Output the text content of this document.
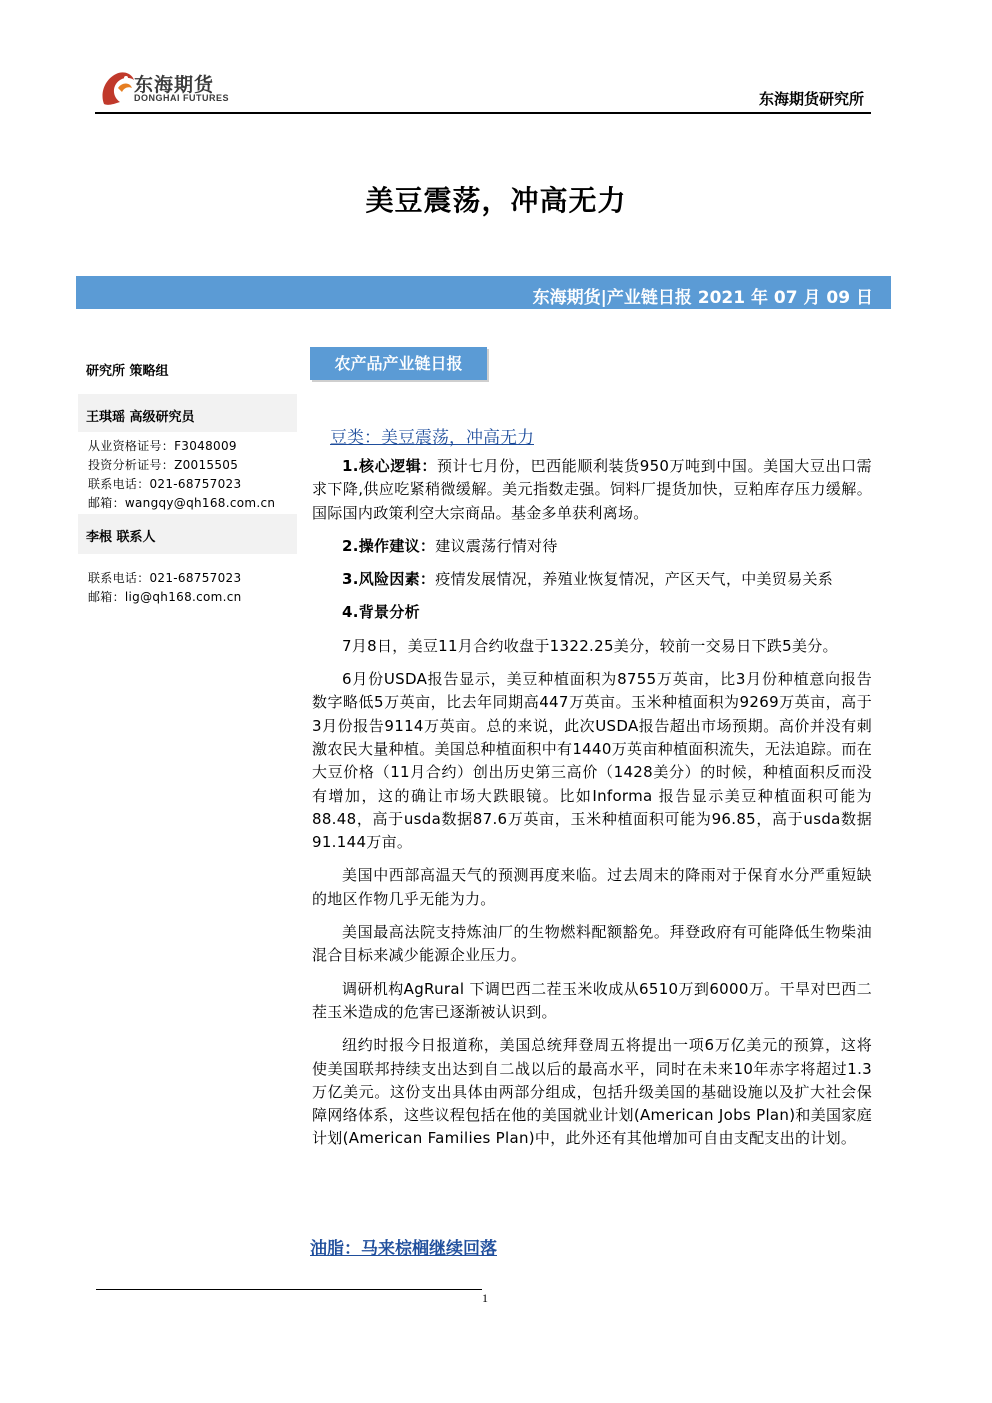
东海期货
DONGHAI FUTURES	东海期货研究所
美豆震荡，冲高无力
东海期货|产业链日报 2021 年 07 月 09 日
研究所 策略组
王琪瑶 高级研究员
从业资格证号：F3048009
投资分析证号：Z0015505
联系电话：021-68757023
邮箱：wangqy@qh168.com.cn
李根 联系人
联系电话：021-68757023
邮箱：lig@qh168.com.cn
农产品产业链日报
豆类：美豆震荡，冲高无力

1.核心逻辑：预计七月份，巴西能顺利装货950万吨到中国。美国大豆出口需求下降,供应吃紧稍微缓解。美元指数走强。饲料厂提货加快，豆粕库存压力缓解。国际国内政策利空大宗商品。基金多单获利离场。

2.操作建议：建议震荡行情对待

3.风险因素：疫情发展情况，养殖业恢复情况，产区天气，中美贸易关系

4.背景分析

7月8日，美豆11月合约收盘于1322.25美分，较前一交易日下跌5美分。

6月份USDA报告显示，美豆种植面积为8755万英亩，比3月份种植意向报告数字略低5万英亩，比去年同期高447万英亩。玉米种植面积为9269万英亩，高于3月份报告9114万英亩。总的来说，此次USDA报告超出市场预期。高价并没有刺激农民大量种植。美国总种植面积中有1440万英亩种植面积流失，无法追踪。而在大豆价格（11月合约）创出历史第三高价（1428美分）的时候，种植面积反而没有增加，这的确让市场大跌眼镜。比如Informa 报告显示美豆种植面积可能为88.48，高于usda数据87.6万英亩，玉米种植面积可能为96.85，高于usda数据91.144万亩。

美国中西部高温天气的预测再度来临。过去周末的降雨对于保育水分严重短缺的地区作物几乎无能为力。

美国最高法院支持炼油厂的生物燃料配额豁免。拜登政府有可能降低生物柴油混合目标来减少能源企业压力。

调研机构AgRural 下调巴西二茬玉米收成从6510万到6000万。干旱对巴西二茬玉米造成的危害已逐渐被认识到。

纽约时报今日报道称，美国总统拜登周五将提出一项6万亿美元的预算，这将使美国联邦持续支出达到自二战以后的最高水平，同时在未来10年赤字将超过1.3万亿美元。这份支出具体由两部分组成，包括升级美国的基础设施以及扩大社会保障网络体系，这些议程包括在他的美国就业计划(American Jobs Plan)和美国家庭计划(American Families Plan)中，此外还有其他增加可自由支配支出的计划。

油脂：马来棕榈继续回落
1
